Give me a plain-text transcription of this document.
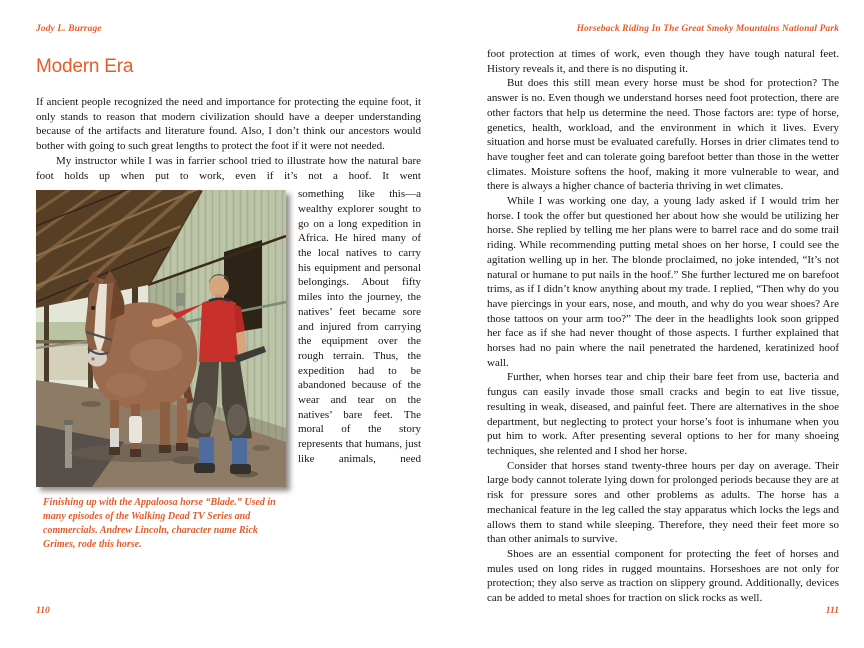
Jody L. Burrage
Modern Era

If ancient people recognized the need and importance for protecting the equine foot, it only stands to reason that modern civilization should have a deeper understanding because of the artifacts and literature found. Also, I don’t think our ancestors would bother with going to such great lengths to protect the foot if it were not needed.

My instructor while I was in farrier school tried to illustrate how the natural bare foot holds up when put to work, even if it’s not a hoof. It went

Finishing up with the Appaloosa horse “Blade.” Used in many episodes of the Walking Dead TV Series and commercials. Andrew Lincoln, character name Rick Grimes, rode this horse.

something like this—a wealthy explorer sought to go on a long expedition in Africa. He hired many of the local natives to carry his equipment and personal belongings. About fifty miles into the journey, the natives’ feet became sore and injured from carrying the equipment over the rough terrain. Thus, the expedition had to be abandoned because of the wear and tear on the natives’ bare feet. The moral of the story represents that humans, just like animals, need

110
Horseback Riding In The Great Smoky Mountains National Park

foot protection at times of work, even though they have tough natural feet. History reveals it, and there is no disputing it.

But does this still mean every horse must be shod for protection? The answer is no. Even though we understand horses need foot protection, there are other factors that help us determine the need. Those factors are: type of horse, genetics, health, workload, and the environment in which it lives. Every situation and horse must be evaluated carefully. Horses in drier climates tend to have tougher feet and can tolerate going barefoot better than those in the wetter climates. Moisture softens the hoof, making it more vulnerable to wear, and there is always a higher chance of bacteria thriving in wet climates.

While I was working one day, a young lady asked if I would trim her horse. I took the offer but questioned her about how she would be utilizing her horse. She replied by telling me her plans were to barrel race and do some trail riding. While recommending putting metal shoes on her horse, I could see the agitation welling up in her. The blonde proclaimed, no joke intended, “It’s not natural or humane to put nails in the hoof.” She further lectured me on barefoot trims, as if I didn’t know anything about my trade. I replied, “Then why do you have piercings in your ears, nose, and mouth, and why do you wear shoes? Are those tattoos on your arm too?” The deer in the headlights look soon gripped her face as if she had never thought of those aspects. I further explained that horses had no pain where the nail penetrated the hardened, keratinized hoof wall.

Further, when horses tear and chip their bare feet from use, bacteria and fungus can easily invade those small cracks and begin to eat live tissue, resulting in weak, diseased, and painful feet. There are alternatives in the shoe department, but neglecting to protect your horse’s foot is inhumane when you put him to work. After presenting several options to her for many shoeing techniques, she relented and I shod her horse.

Consider that horses stand twenty-three hours per day on average. Their large body cannot tolerate lying down for prolonged periods because they are at risk for pressure sores and other problems as adults. The horse has a mechanical feature in the leg called the stay apparatus which locks the legs and allows them to stand while sleeping. Therefore, they need their feet more so than other animals to survive.

Shoes are an essential component for protecting the feet of horses and mules used on long rides in rugged mountains. Horseshoes are not only for protection; they also serve as traction on slippery ground. Additionally, devices can be added to metal shoes for traction on slick rocks as well.

111
